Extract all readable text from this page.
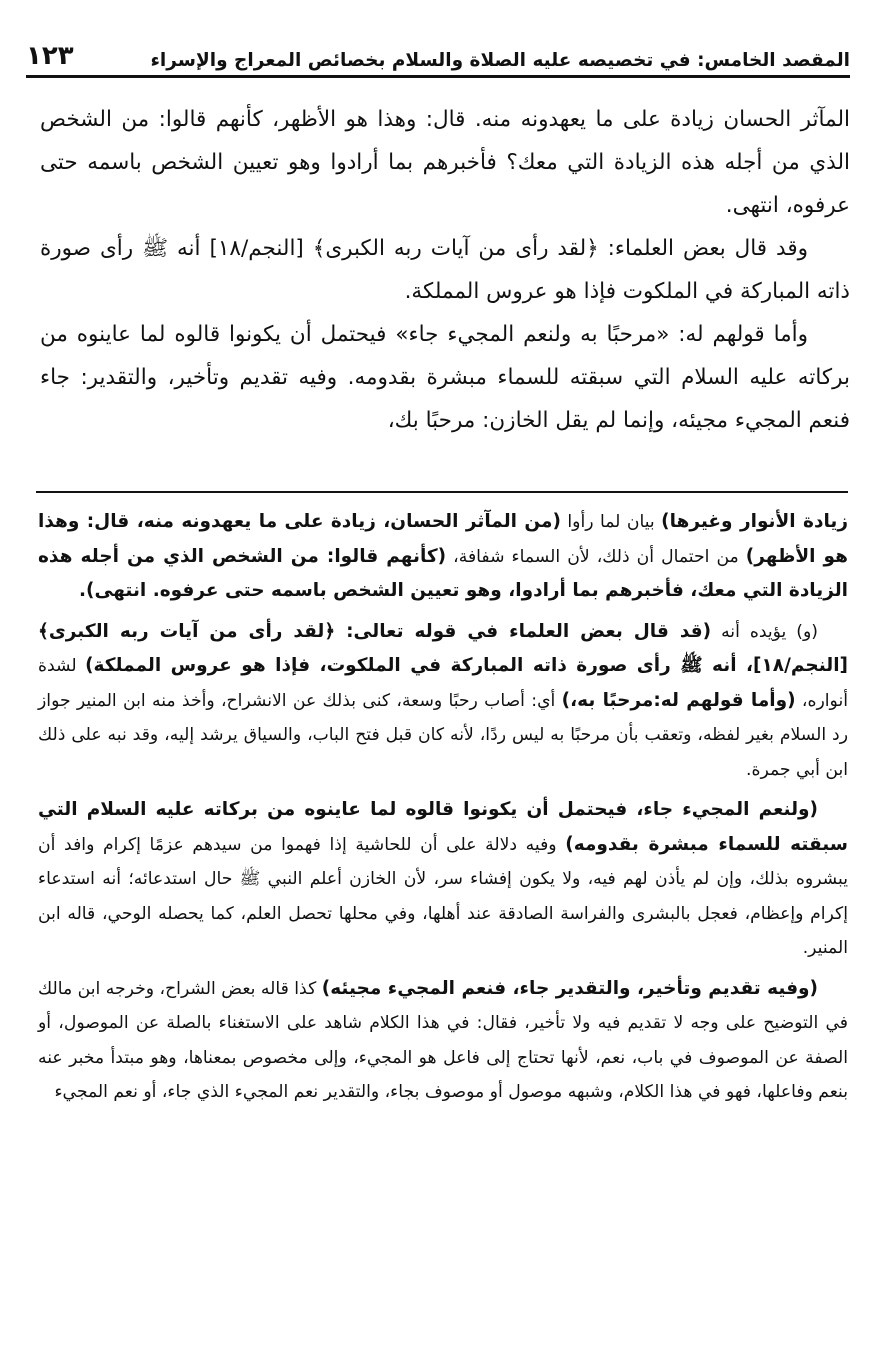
١٢٣	المقصد الخامس: في تخصيصه عليه الصلاة والسلام بخصائص المعراج والإسراء

المآثر الحسان زيادة على ما يعهدونه منه. قال: وهذا هو الأظهر، كأنهم قالوا: من الشخص الذي من أجله هذه الزيادة التي معك؟ فأخبرهم بما أرادوا وهو تعيين الشخص باسمه حتى عرفوه، انتهى.

وقد قال بعض العلماء: ﴿لقد رأى من آيات ربه الكبرى﴾ [النجم/١٨] أنه ﷺ رأى صورة ذاته المباركة في الملكوت فإذا هو عروس المملكة.

وأما قولهم له: «مرحبًا به ولنعم المجيء جاء» فيحتمل أن يكونوا قالوه لما عاينوه من بركاته عليه السلام التي سبقته للسماء مبشرة بقدومه. وفيه تقديم وتأخير، والتقدير: جاء فنعم المجيء مجيئه، وإنما لم يقل الخازن: مرحبًا بك،

زيادة الأنوار وغيرها) بيان لما رأوا (من المآثر الحسان، زيادة على ما يعهدونه منه، قال: وهذا هو الأظهر) من احتمال أن ذلك، لأن السماء شفافة، (كأنهم قالوا: من الشخص الذي من أجله هذه الزيادة التي معك، فأخبرهم بما أرادوا، وهو تعيين الشخص باسمه حتى عرفوه. انتهى).

(و) يؤيده أنه (قد قال بعض العلماء في قوله تعالى: ﴿لقد رأى من آيات ربه الكبرى﴾ [النجم/١٨]، أنه ﷺ رأى صورة ذاته المباركة في الملكوت، فإذا هو عروس المملكة) لشدة أنواره، (وأما قولهم له:مرحبًا به،) أي: أصاب رحبًا وسعة، كنى بذلك عن الانشراح، وأخذ منه ابن المنير جواز رد السلام بغير لفظه، وتعقب بأن مرحبًا به ليس ردًا، لأنه كان قبل فتح الباب، والسياق يرشد إليه، وقد نبه على ذلك ابن أبي جمرة.

(ولنعم المجيء جاء، فيحتمل أن يكونوا قالوه لما عاينوه من بركاته عليه السلام التي سبقته للسماء مبشرة بقدومه) وفيه دلالة على أن للحاشية إذا فهموا من سيدهم عزمًا إكرام وافد أن يبشروه بذلك، وإن لم يأذن لهم فيه، ولا يكون إفشاء سر، لأن الخازن أعلم النبي ﷺ حال استدعائه؛ أنه استدعاء إكرام وإعظام، فعجل بالبشرى والفراسة الصادقة عند أهلها، وفي محلها تحصل العلم، كما يحصله الوحي، قاله ابن المنير.

(وفيه تقديم وتأخير، والتقدير جاء، فنعم المجيء مجيئه) كذا قاله بعض الشراح، وخرجه ابن مالك في التوضيح على وجه لا تقديم فيه ولا تأخير، فقال: في هذا الكلام شاهد على الاستغناء بالصلة عن الموصول، أو الصفة عن الموصوف في باب، نعم، لأنها تحتاج إلى فاعل هو المجيء، وإلى مخصوص بمعناها، وهو مبتدأ مخبر عنه بنعم وفاعلها، فهو في هذا الكلام، وشبهه موصول أو موصوف بجاء، والتقدير نعم المجيء الذي جاء، أو نعم المجيء
